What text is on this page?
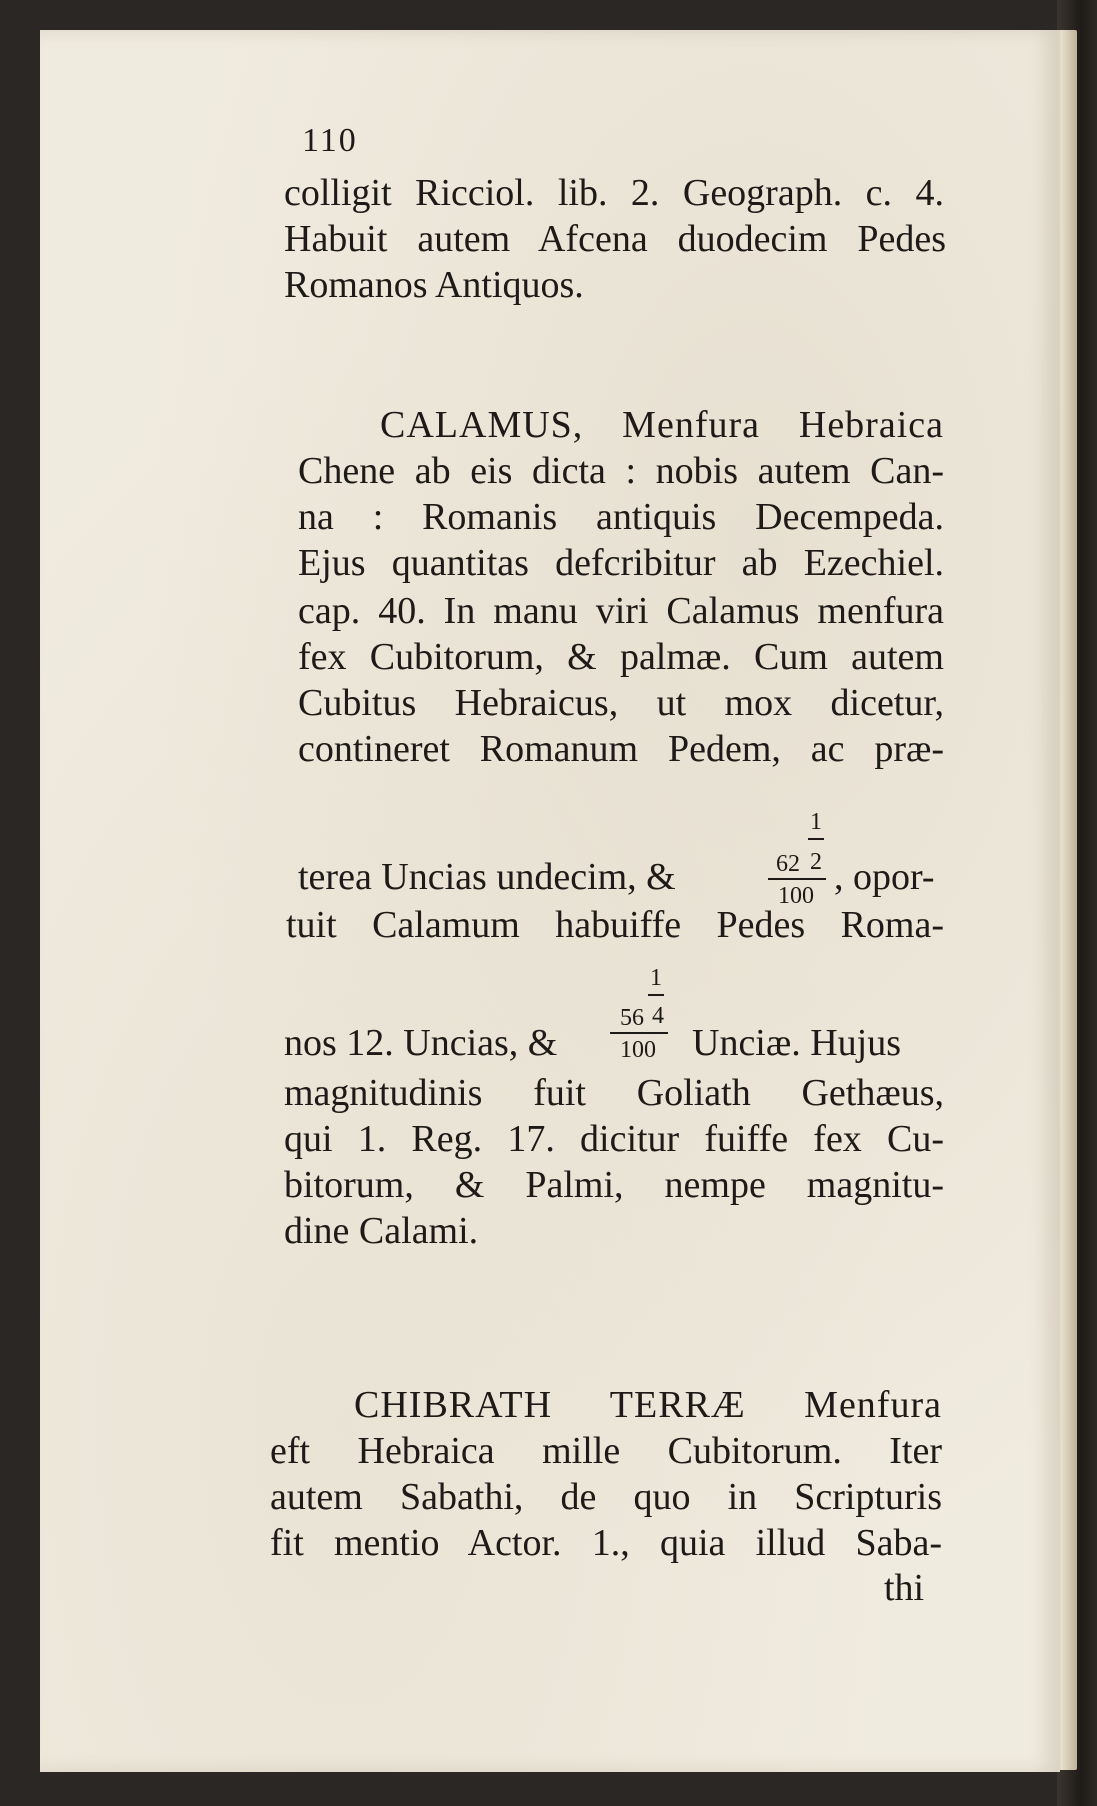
110
colligit Ricciol. lib. 2. Geograph. c. 4.
Habuit autem Afcena duodecim Pedes
Romanos Antiquos.
CALAMUS, Menfura Hebraica
Chene ab eis dicta : nobis autem Can-
na : Romanis antiquis Decempeda.
Ejus quantitas defcribitur ab Ezechiel.
cap. 40. In manu viri Calamus menfura
fex Cubitorum, & palmæ. Cum autem
Cubitus Hebraicus, ut mox dicetur,
contineret Romanum Pedem, ac præ-
1
terea Uncias undecim, &	62 2
100 , opor-
tuit Calamum habuiffe Pedes Roma-
1
nos 12. Uncias, &
56 4
100 Unciæ. Hujus
magnitudinis fuit Goliath Gethæus,
qui 1. Reg. 17. dicitur fuiffe fex Cu-
bitorum, & Palmi, nempe magnitu-
dine Calami.
CHIBRATH TERRÆ Menfura
eft Hebraica mille Cubitorum. Iter
autem Sabathi, de quo in Scripturis
fit mentio Actor. 1., quia illud Saba-
thi
